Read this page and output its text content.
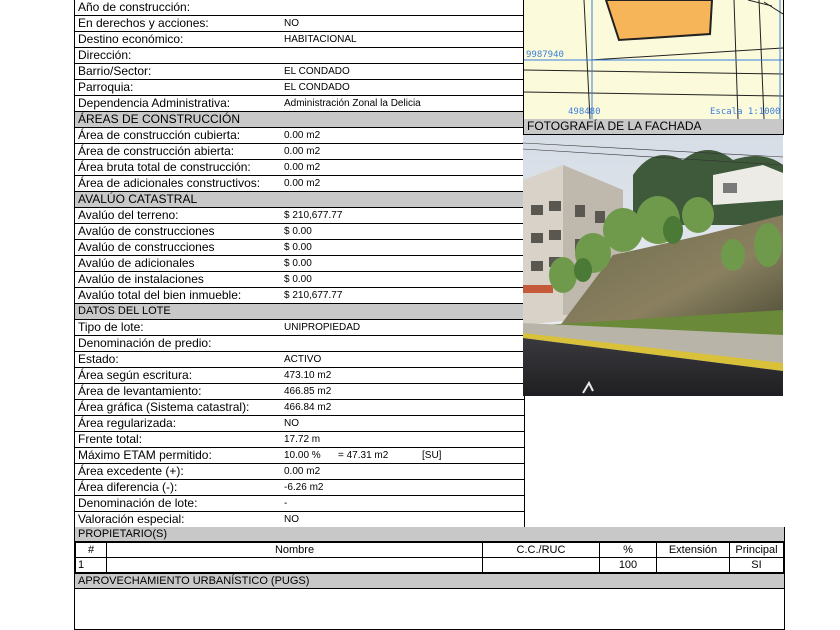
Año de construcción:
En derechos y acciones:	NO
Destino económico:	HABITACIONAL
Dirección:
Barrio/Sector:	EL CONDADO
Parroquia:	EL CONDADO
Dependencia Administrativa:	Administración Zonal la Delicia
ÁREAS DE CONSTRUCCIÓN
Área de construcción cubierta:	0.00 m2
Área de construcción abierta:	0.00 m2
Área bruta total de construcción:	0.00 m2
Área de adicionales constructivos: 0.00 m2
AVALÚO CATASTRAL
Avalúo del terreno:	$ 210,677.77
Avalúo de construcciones	$ 0.00
Avalúo de construcciones	$ 0.00
Avalúo de adicionales	$ 0.00
Avalúo de instalaciones	$ 0.00
Avalúo total del bien inmueble:	$ 210,677.77
DATOS DEL LOTE
Tipo de lote:	UNIPROPIEDAD
Denominación de predio:
Estado:	ACTIVO
Área según escritura:	473.10 m2
Área de levantamiento:	466.85 m2
Área gráfica (Sistema catastral):	466.84 m2
Área regularizada:	NO
Frente total:	17.72 m
Máximo ETAM permitido:	10.00 % = 47.31 m2	[SU]
Área excedente (+):	0.00 m2
Área diferencia (-):	-6.26 m2
Denominación de lote:	-
Valoración especial:	NO
9987940
498480	Escala 1:1000
FOTOGRAFÍA DE LA FACHADA
PROPIETARIO(S)
#	Nombre	C.C./RUC	%	Extensión	Principal
1			100		SI
APROVECHAMIENTO URBANÍSTICO (PUGS)
